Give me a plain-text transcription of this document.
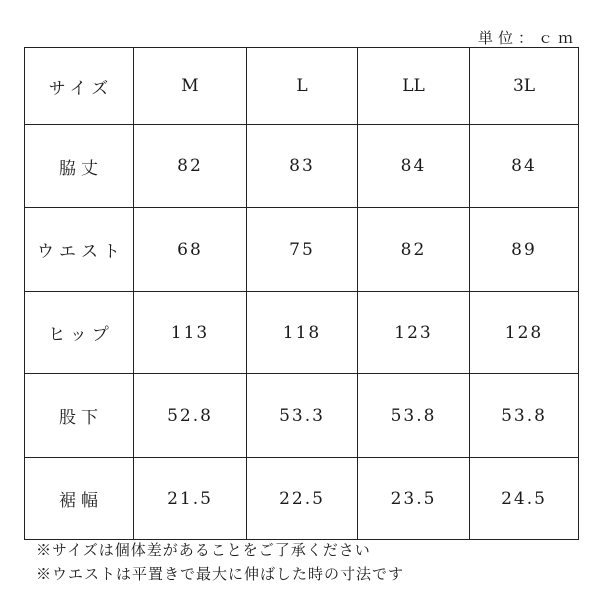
単位：ｃｍ
サイズ	M	L	LL	3L
脇丈	82	83	84	84
ウエスト	68	75	82	89
ヒップ	113	118	123	128
股下	52.8	53.3	53.8	53.8
裾幅	21.5	22.5	23.5	24.5
※サイズは個体差があることをご了承ください
※ウエストは平置きで最大に伸ばした時の寸法です
